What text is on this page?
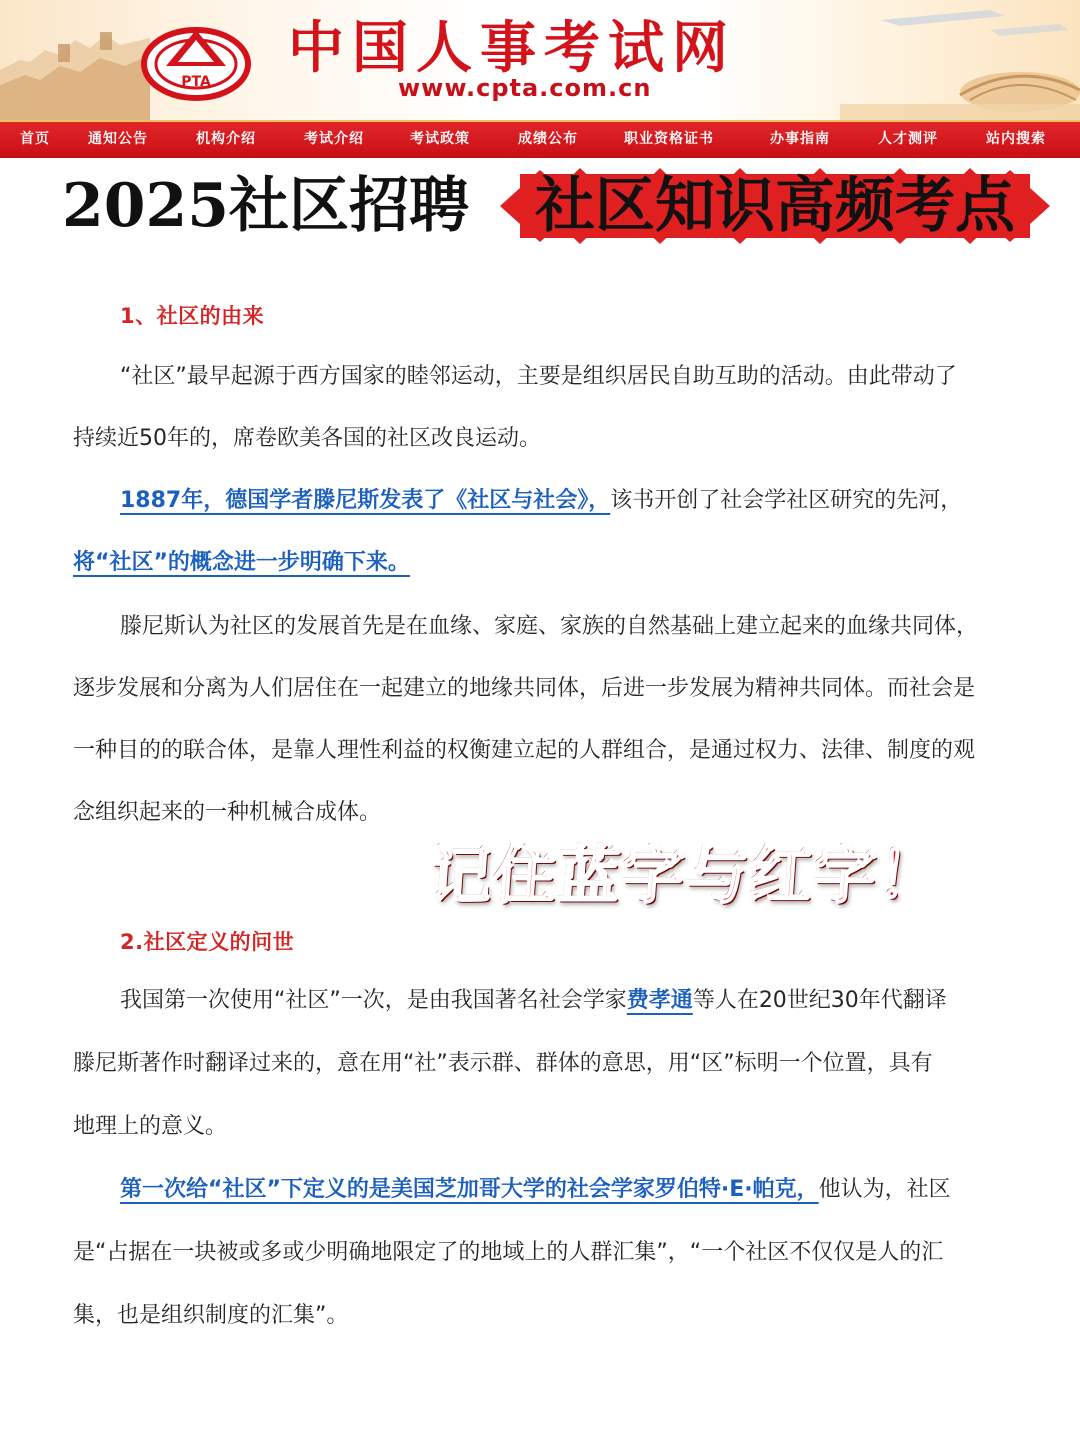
PTA
中国人事考试网
www.cpta.com.cn
首页	通知公告	机构介绍	考试介绍	考试政策	成绩公布	职业资格证书	办事指南	人才测评	站内搜索
2025社区招聘 社区知识高频考点
1、社区的由来
“社区”最早起源于西方国家的睦邻运动，主要是组织居民自助互助的活动。由此带动了
持续近50年的，席卷欧美各国的社区改良运动。
1887年，德国学者滕尼斯发表了《社区与社会》，该书开创了社会学社区研究的先河，
将“社区”的概念进一步明确下来。
滕尼斯认为社区的发展首先是在血缘、家庭、家族的自然基础上建立起来的血缘共同体，
逐步发展和分离为人们居住在一起建立的地缘共同体，后进一步发展为精神共同体。而社会是
一种目的的联合体，是靠人理性利益的权衡建立起的人群组合，是通过权力、法律、制度的观
念组织起来的一种机械合成体。
记住蓝字与红字！
2.社区定义的问世
我国第一次使用“社区”一次，是由我国著名社会学家费孝通等人在20世纪30年代翻译
滕尼斯著作时翻译过来的，意在用“社”表示群、群体的意思，用“区”标明一个位置，具有
地理上的意义。
第一次给“社区”下定义的是美国芝加哥大学的社会学家罗伯特·E·帕克，他认为，社区
是“占据在一块被或多或少明确地限定了的地域上的人群汇集”，“一个社区不仅仅是人的汇
集，也是组织制度的汇集”。
